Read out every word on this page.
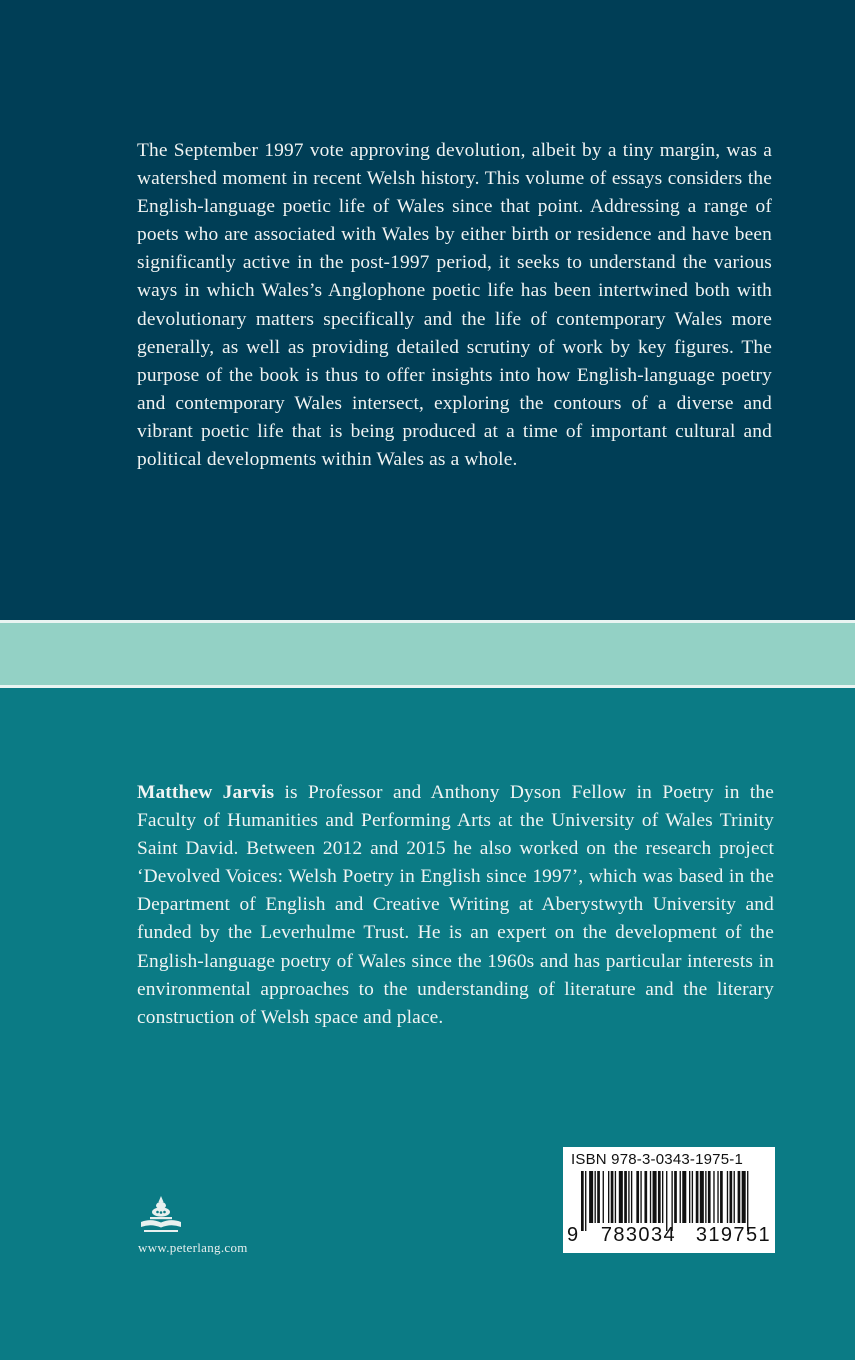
The September 1997 vote approving devolution, albeit by a tiny margin, was a watershed moment in recent Welsh history. This volume of essays considers the English-language poetic life of Wales since that point. Addressing a range of poets who are associated with Wales by either birth or residence and have been significantly active in the post-1997 period, it seeks to understand the various ways in which Wales’s Anglophone poetic life has been intertwined both with devolutionary matters specifically and the life of contemporary Wales more generally, as well as providing detailed scrutiny of work by key figures. The purpose of the book is thus to offer insights into how English-language poetry and contemporary Wales intersect, exploring the contours of a diverse and vibrant poetic life that is being produced at a time of important cultural and political developments within Wales as a whole.

Matthew Jarvis is Professor and Anthony Dyson Fellow in Poetry in the Faculty of Humanities and Performing Arts at the University of Wales Trinity Saint David. Between 2012 and 2015 he also worked on the research project ‘Devolved Voices: Welsh Poetry in English since 1997’, which was based in the Department of English and Creative Writing at Aberystwyth University and funded by the Leverhulme Trust. He is an expert on the development of the English-language poetry of Wales since the 1960s and has particular interests in environmental approaches to the understanding of literature and the literary construction of Welsh space and place.

www.peterlang.com
ISBN 978-3-0343-1975-1
9 783034 319751
